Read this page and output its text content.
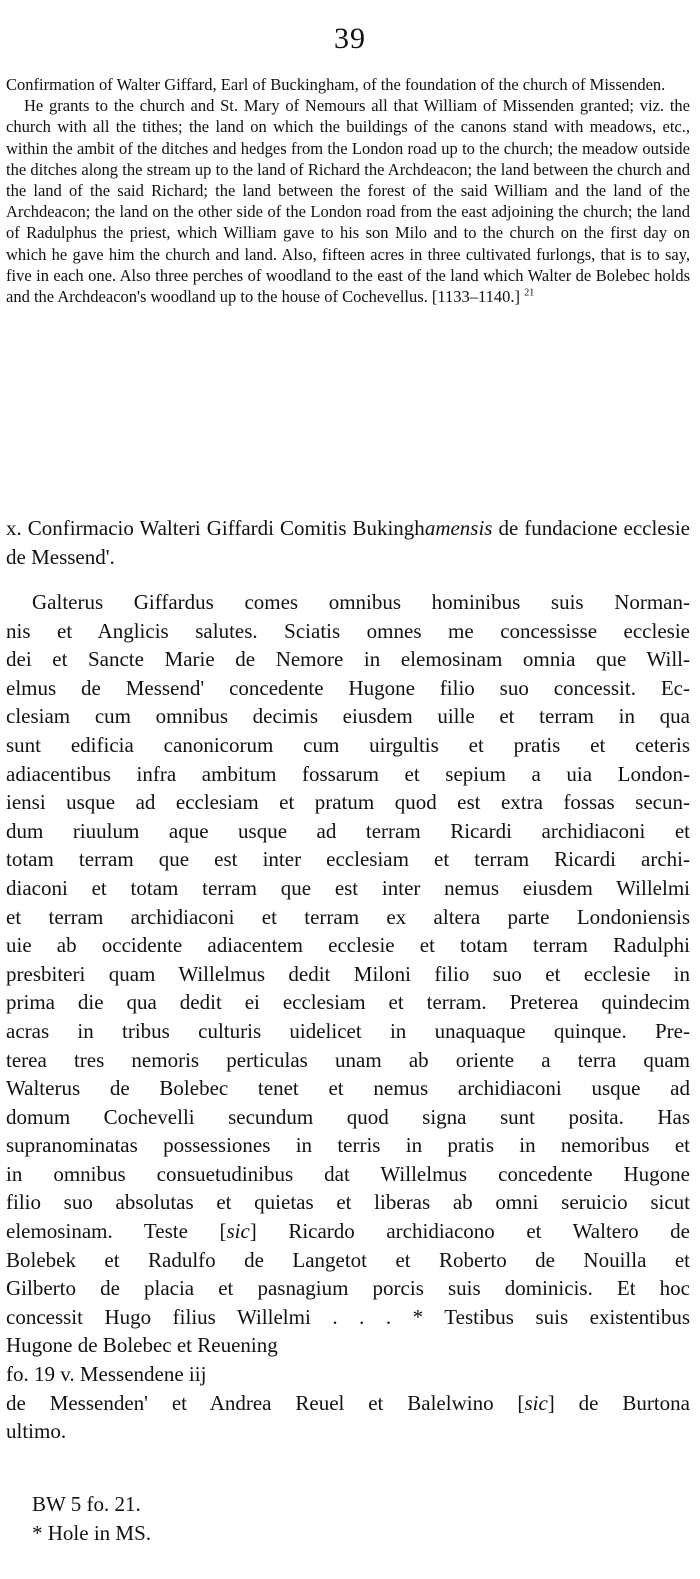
39

Confirmation of Walter Giffard, Earl of Buckingham, of the foundation of the church of Missenden.

He grants to the church and St. Mary of Nemours all that William of Missenden granted; viz. the church with all the tithes; the land on which the buildings of the canons stand with meadows, etc., within the ambit of the ditches and hedges from the London road up to the church; the meadow outside the ditches along the stream up to the land of Richard the Archdeacon; the land between the church and the land of the said Richard; the land between the forest of the said William and the land of the Archdeacon; the land on the other side of the London road from the east adjoining the church; the land of Radulphus the priest, which William gave to his son Milo and to the church on the first day on which he gave him the church and land. Also, fifteen acres in three cultivated furlongs, that is to say, five in each one. Also three perches of woodland to the east of the land which Walter de Bolebec holds and the Archdeacon's woodland up to the house of Cochevellus. [1133–1140.] $^{21}$

x. Confirmacio Walteri Giffardi Comitis Bukinghamensis de fundacione ecclesie de Messend'.
Galterus Giffardus comes omnibus hominibus suis Norman-
nis et Anglicis salutes. Sciatis omnes me concessisse ecclesie
dei et Sancte Marie de Nemore in elemosinam omnia que Will-
elmus de Messend' concedente Hugone filio suo concessit. Ec-
clesiam cum omnibus decimis eiusdem uille et terram in qua
sunt edificia canonicorum cum uirgultis et pratis et ceteris
adiacentibus infra ambitum fossarum et sepium a uia London-
iensi usque ad ecclesiam et pratum quod est extra fossas secun-
dum riuulum aque usque ad terram Ricardi archidiaconi et
totam terram que est inter ecclesiam et terram Ricardi archi-
diaconi et totam terram que est inter nemus eiusdem Willelmi
et terram archidiaconi et terram ex altera parte Londoniensis
uie ab occidente adiacentem ecclesie et totam terram Radulphi
presbiteri quam Willelmus dedit Miloni filio suo et ecclesie in
prima die qua dedit ei ecclesiam et terram. Preterea quindecim
acras in tribus culturis uidelicet in unaquaque quinque. Pre-
terea tres nemoris perticulas unam ab oriente a terra quam
Walterus de Bolebec tenet et nemus archidiaconi usque ad
domum Cochevelli secundum quod signa sunt posita. Has
supranominatas possessiones in terris in pratis in nemoribus et
in omnibus consuetudinibus dat Willelmus concedente Hugone
filio suo absolutas et quietas et liberas ab omni seruicio sicut
elemosinam. Teste [sic] Ricardo archidiacono et Waltero de
Bolebek et Radulfo de Langetot et Roberto de Nouilla et
Gilberto de placia et pasnagium porcis suis dominicis. Et hoc
concessit Hugo filius Willelmi . . . * Testibus suis existentibus
Hugone de Bolebec et Reuening
fo. 19 v. Messendene iij
de Messenden' et Andrea Reuel et Balelwino [sic] de Burtona
ultimo.
BW 5 fo. 21.
* Hole in MS.
